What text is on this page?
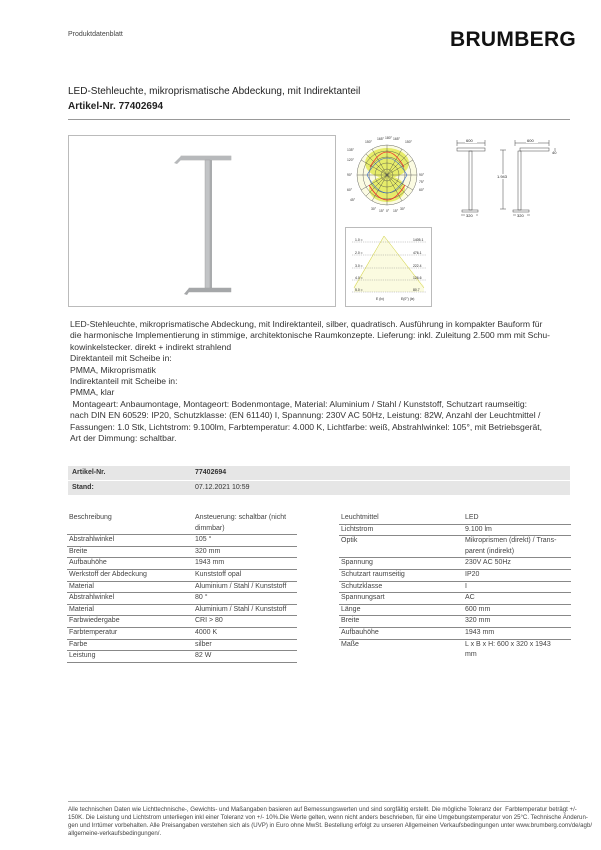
Produktdatenblatt	BRUMBERG
LED-Stehleuchte, mikroprismatische Abdeckung, mit Indirektanteil
Artikel-Nr. 77402694
150°
165° 180° 165°
150°
135°
120°
90°
60°
45°
30° 15° 0° 15° 30°
60°
75°
90°
600	600
1.943
320	320
40
1.0 =	1405.1
2.0 =	476.1
3.0 =	222.4
4.0 =	126.6
5.0 =	80.7
E (lx)	E(0°) (lx)
LED-Stehleuchte, mikroprismatische Abdeckung, mit Indirektanteil, silber, quadratisch. Ausführung in kompakter Bauform für
die harmonische Implementierung in stimmige, architektonische Raumkonzepte. Lieferung: inkl. Zuleitung 2.500 mm mit Schu-
kowinkelstecker. direkt + indirekt strahlend
Direktanteil mit Scheibe in:
PMMA, Mikroprismatik
Indirektanteil mit Scheibe in:
PMMA, klar
Montageart: Anbaumontage, Montageort: Bodenmontage, Material: Aluminium / Stahl / Kunststoff, Schutzart raumseitig:
nach DIN EN 60529: IP20, Schutzklasse: (EN 61140) I, Spannung: 230V AC 50Hz, Leistung: 82W, Anzahl der Leuchtmittel /
Fassungen: 1.0 Stk, Lichtstrom: 9.100lm, Farbtemperatur: 4.000 K, Lichtfarbe: weiß, Abstrahlwinkel: 105°, mit Betriebsgerät,
Art der Dimmung: schaltbar.
Artikel-Nr.	77402694
Stand:	07.12.2021 10:59
Beschreibung	Ansteuerung: schaltbar (nicht
dimmbar)

Abstrahlwinkel	105 °
Breite	320 mm
Aufbauhöhe	1943 mm
Werkstoff der Abdeckung	Kunststoff opal
Material	Aluminium / Stahl / Kunststoff
Abstrahlwinkel	80 °
Material	Aluminium / Stahl / Kunststoff
Farbwiedergabe	CRI > 80
Farbtemperatur	4000 K
Farbe	silber
Leistung	82 W
Leuchtmittel	LED
Lichtstrom	9.100 lm
Optik	Mikroprismen (direkt) / Trans-
parent (indirekt)

Spannung	230V AC 50Hz
Schutzart raumseitig	IP20
Schutzklasse	I
Spannungsart	AC
Länge	600 mm
Breite	320 mm
Aufbauhöhe	1943 mm
Maße	L x B x H: 600 x 320 x 1943
mm
Alle technischen Daten wie Lichttechnische-, Gewichts- und Maßangaben basieren auf Bemessungswerten und sind sorgfältig erstellt. Die mögliche Toleranz der  Farbtemperatur beträgt +/-
150K. Die Leistung und Lichtstrom unterliegen inkl einer Toleranz von +/- 10%.Die Werte gelten, wenn nicht anders beschrieben, für eine Umgebungstemperatur von 25°C. Technische Änderun-
gen und Irrtümer vorbehalten. Alle Preisangaben verstehen sich als (UVP) in Euro ohne MwSt. Bestellung erfolgt zu unseren Allgemeinen Verkaufsbedingungen unter www.brumberg.com/de/agb/
allgemeine-verkaufsbedingungen/.
